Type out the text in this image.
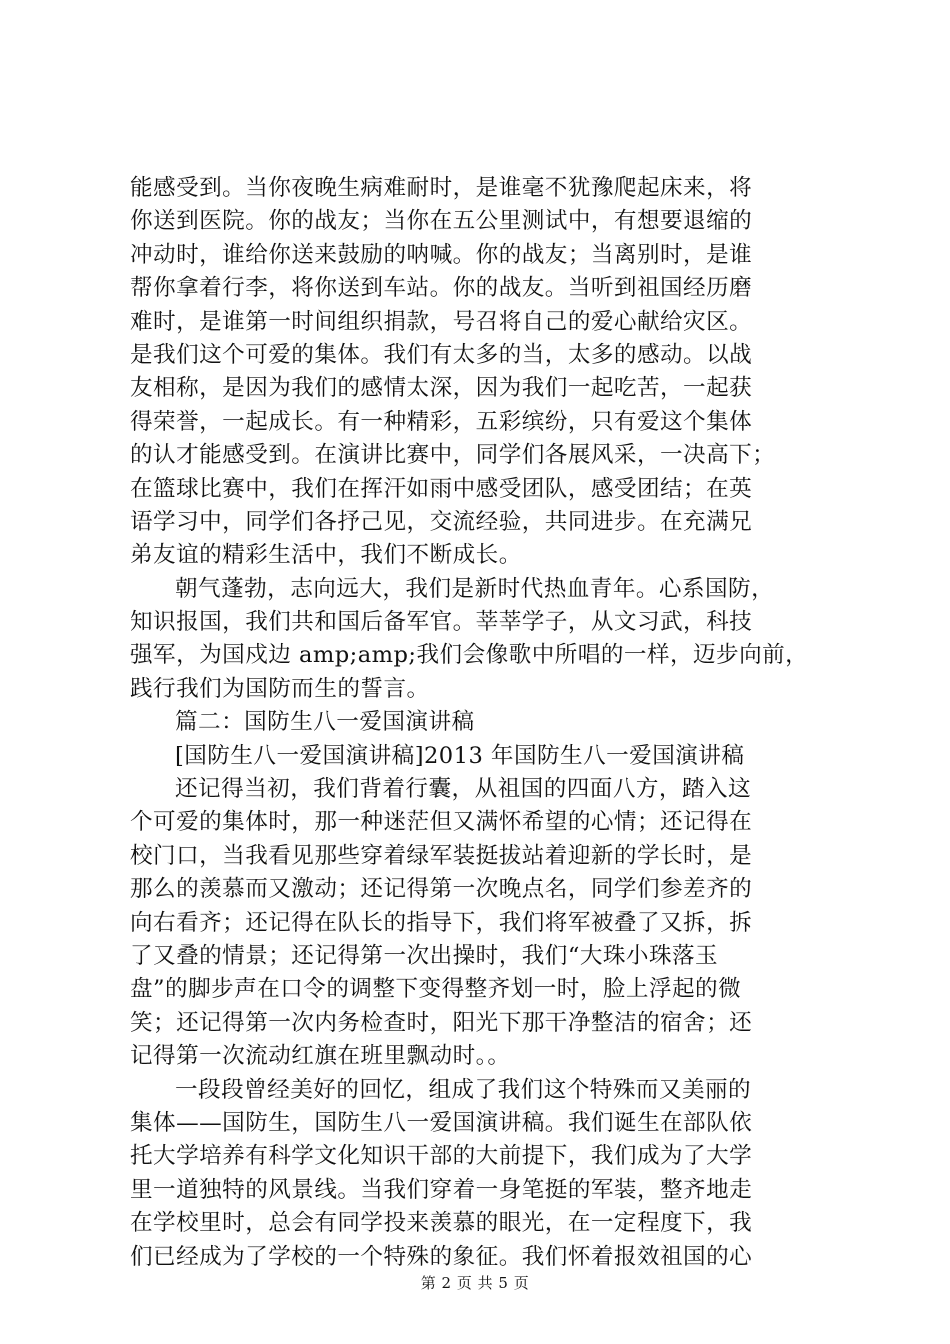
能感受到。当你夜晚生病难耐时，是谁毫不犹豫爬起床来，将
你送到医院。你的战友；当你在五公里测试中，有想要退缩的
冲动时，谁给你送来鼓励的呐喊。你的战友；当离别时，是谁
帮你拿着行李，将你送到车站。你的战友。当听到祖国经历磨
难时，是谁第一时间组织捐款，号召将自己的爱心献给灾区。
是我们这个可爱的集体。我们有太多的当，太多的感动。以战
友相称，是因为我们的感情太深，因为我们一起吃苦，一起获
得荣誉，一起成长。有一种精彩，五彩缤纷，只有爱这个集体
的认才能感受到。在演讲比赛中，同学们各展风采，一决高下；
在篮球比赛中，我们在挥汗如雨中感受团队，感受团结；在英
语学习中，同学们各抒己见，交流经验，共同进步。在充满兄
弟友谊的精彩生活中，我们不断成长。
朝气蓬勃，志向远大，我们是新时代热血青年。心系国防，
知识报国，我们共和国后备军官。莘莘学子，从文习武，科技
强军，为国戍边 amp;amp;我们会像歌中所唱的一样，迈步向前，
践行我们为国防而生的誓言。
篇二：国防生八一爱国演讲稿
[国防生八一爱国演讲稿]2013 年国防生八一爱国演讲稿
还记得当初，我们背着行囊，从祖国的四面八方，踏入这
个可爱的集体时，那一种迷茫但又满怀希望的心情；还记得在
校门口，当我看见那些穿着绿军装挺拔站着迎新的学长时，是
那么的羡慕而又激动；还记得第一次晚点名，同学们参差齐的
向右看齐；还记得在队长的指导下，我们将军被叠了又拆，拆
了又叠的情景；还记得第一次出操时，我们“大珠小珠落玉
盘”的脚步声在口令的调整下变得整齐划一时，脸上浮起的微
笑；还记得第一次内务检查时，阳光下那干净整洁的宿舍；还
记得第一次流动红旗在班里飘动时。。
一段段曾经美好的回忆，组成了我们这个特殊而又美丽的
集体——国防生，国防生八一爱国演讲稿。我们诞生在部队依
托大学培养有科学文化知识干部的大前提下，我们成为了大学
里一道独特的风景线。当我们穿着一身笔挺的军装，整齐地走
在学校里时，总会有同学投来羡慕的眼光，在一定程度下，我
们已经成为了学校的一个特殊的象征。我们怀着报效祖国的心
第 2 页 共 5 页
